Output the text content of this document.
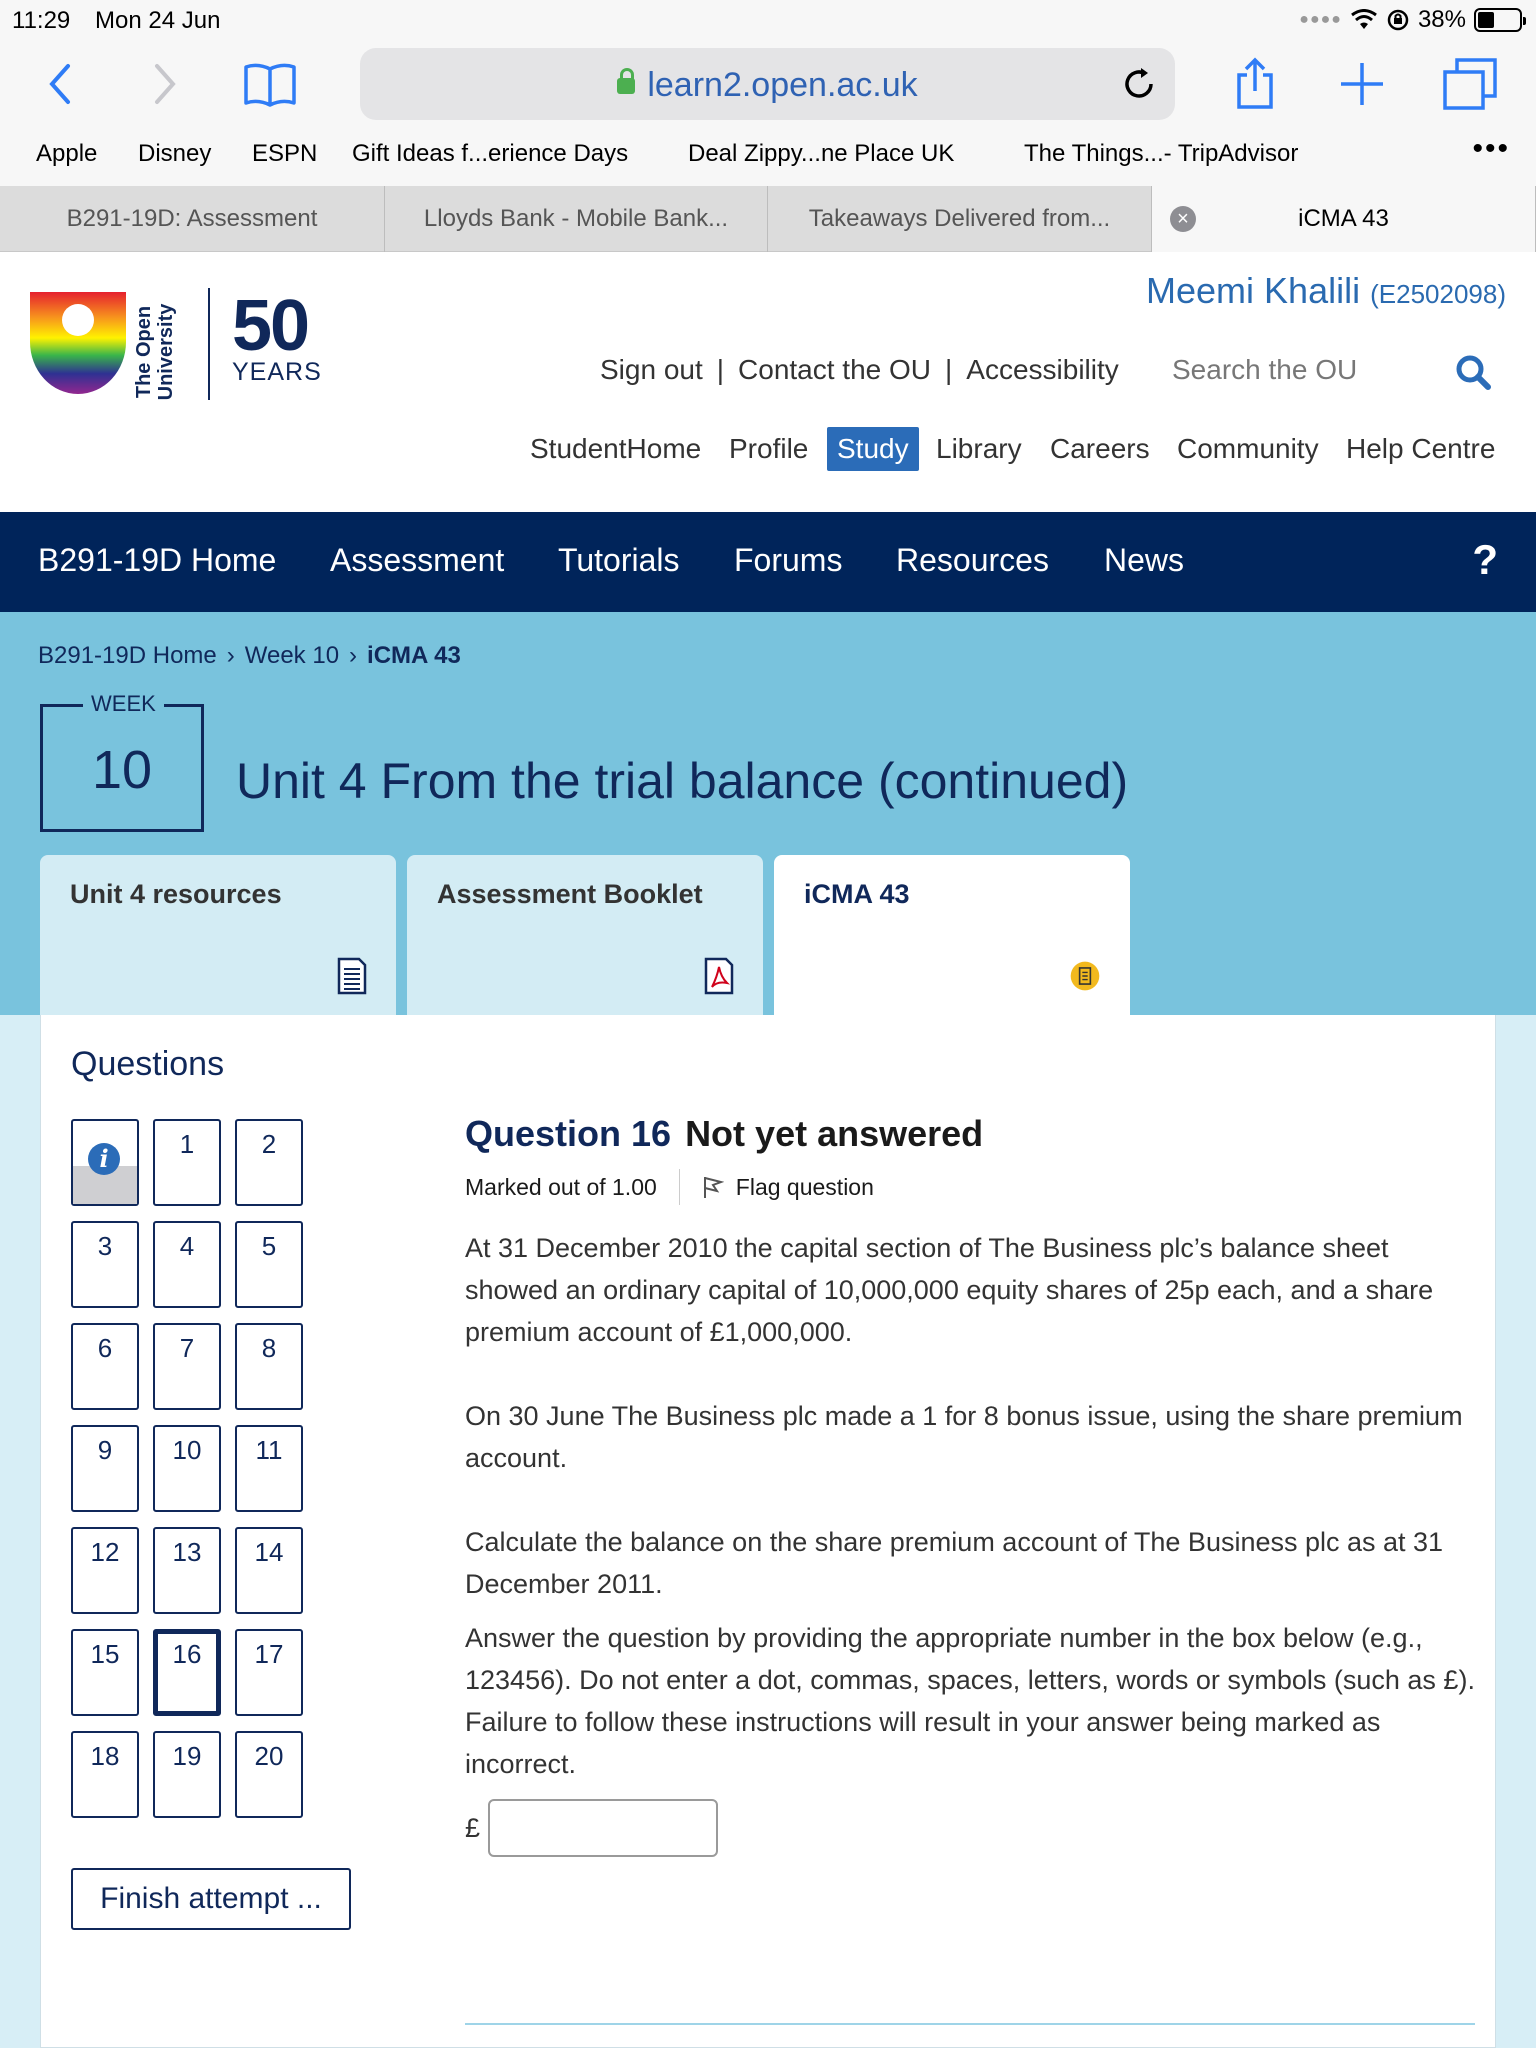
11:29 Mon 24 Jun	●●●●	38%
learn2.open.ac.uk
Apple Disney ESPN Gift Ideas f...erience Days Deal Zippy...ne Place UK	The Things...- TripAdvisor	•••
B291-19D: Assessment	Lloyds Bank - Mobile Bank...	Takeaways Delivered from...	×	iCMA 43
The Open University 50
YEARS
Meemi Khalili (E2502098)
Sign out | Contact the OU | Accessibility Search the OU
StudentHome Profile	Study Library Careers Community Help Centre
B291-19D Home Assessment Tutorials Forums Resources News	?
B291-19D Home › Week 10 › iCMA 43
WEEK
10	Unit 4 From the trial balance (continued)
Unit 4 resources	Assessment Booklet	iCMA 43
Questions
i	1	2
3	4	5
6	7	8
9	10	11
12	13	14
15	16	17
18	19	20
Finish attempt ...
Question 16 Not yet answered
Marked out of 1.00	Flag question

At 31 December 2010 the capital section of The Business plc’s balance sheet showed an ordinary capital of 10,000,000 equity shares of 25p each, and a share premium account of £1,000,000.

On 30 June The Business plc made a 1 for 8 bonus issue, using the share premium account.

Calculate the balance on the share premium account of The Business plc as at 31 December 2011.

Answer the question by providing the appropriate number in the box below (e.g., 123456). Do not enter a dot, commas, spaces, letters, words or symbols (such as £). Failure to follow these instructions will result in your answer being marked as incorrect.

£
